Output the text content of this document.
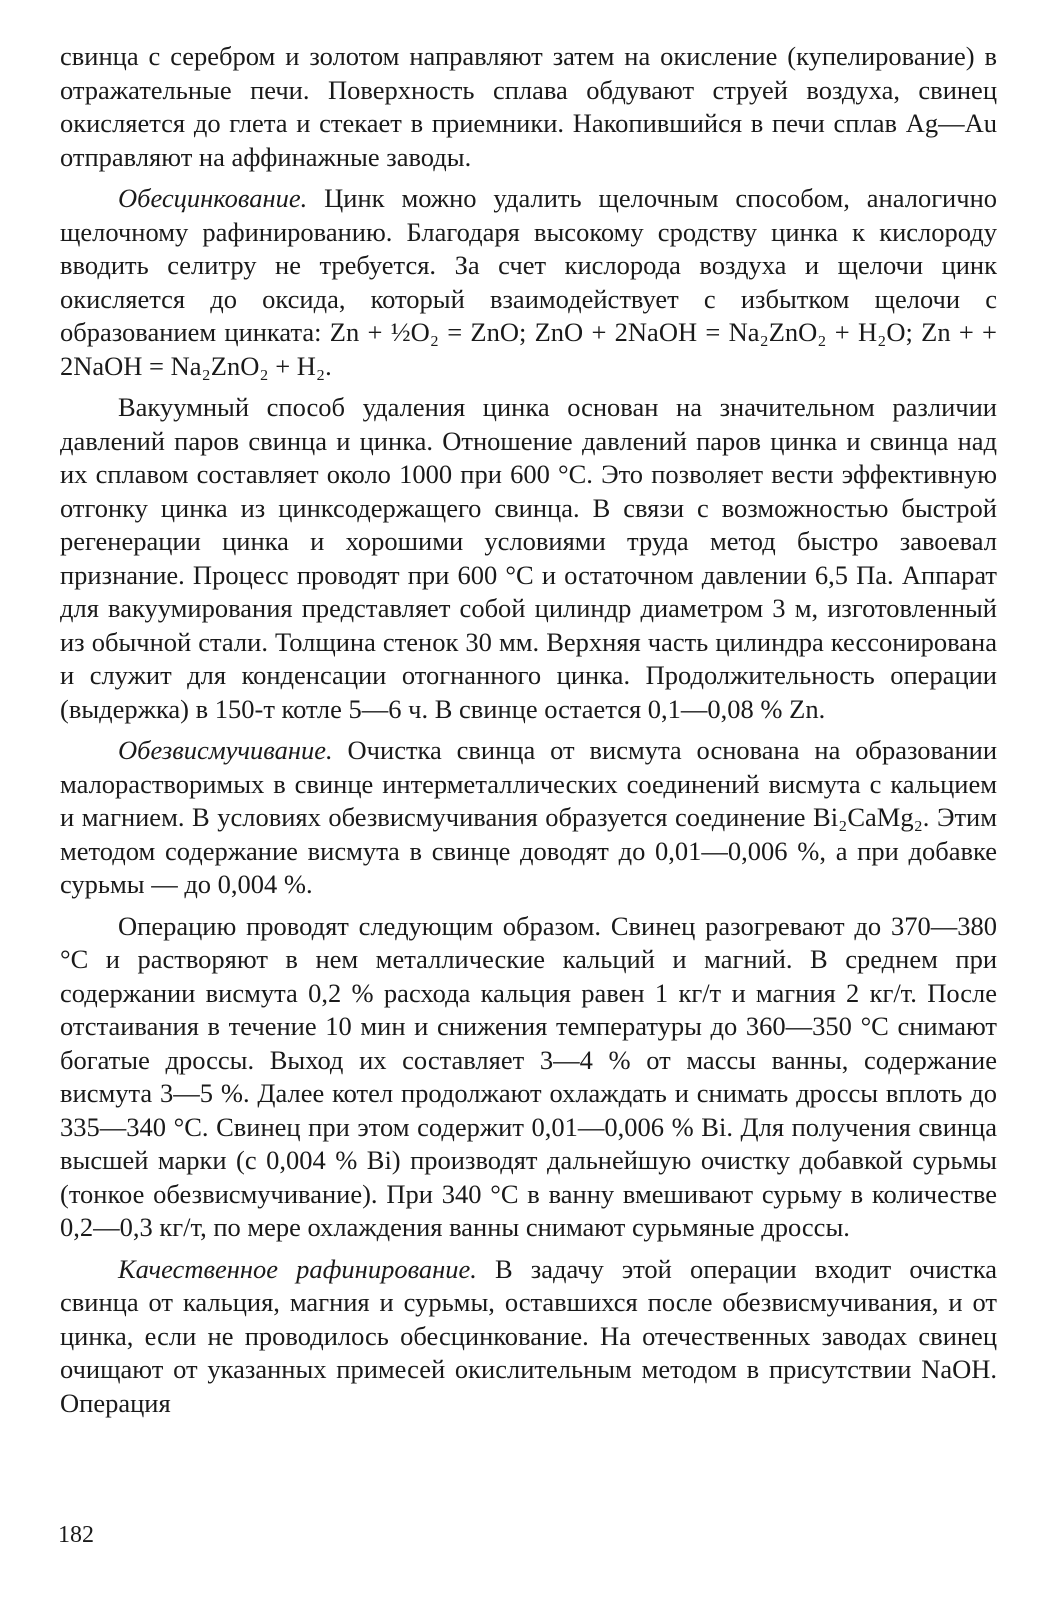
свинца с серебром и золотом направляют затем на окисление (купелирование) в отражательные печи. Поверхность сплава обдувают струей воздуха, свинец окисляется до глета и стекает в приемники. Накопившийся в печи сплав Ag—Au отправляют на аффинажные заводы.

Обесцинкование. Цинк можно удалить щелочным способом, аналогично щелочному рафинированию. Благодаря высокому сродству цинка к кислороду вводить селитру не требуется. За счет кислорода воздуха и щелочи цинк окисляется до оксида, который взаимодействует с избытком щелочи с образованием цинката: Zn + ½O₂ = ZnO; ZnO + 2NaOH = Na₂ZnO₂ + H₂O; Zn + + 2NaOH = Na₂ZnO₂ + H₂.

Вакуумный способ удаления цинка основан на значительном различии давлений паров свинца и цинка. Отношение давлений паров цинка и свинца над их сплавом составляет около 1000 при 600 °С. Это позволяет вести эффективную отгонку цинка из цинксодержащего свинца. В связи с возможностью быстрой регенерации цинка и хорошими условиями труда метод быстро завоевал признание. Процесс проводят при 600 °С и остаточном давлении 6,5 Па. Аппарат для вакуумирования представляет собой цилиндр диаметром 3 м, изготовленный из обычной стали. Толщина стенок 30 мм. Верхняя часть цилиндра кессонирована и служит для конденсации отогнанного цинка. Продолжительность операции (выдержка) в 150-т котле 5—6 ч. В свинце остается 0,1—0,08 % Zn.

Обезвисмучивание. Очистка свинца от висмута основана на образовании малорастворимых в свинце интерметаллических соединений висмута с кальцием и магнием. В условиях обезвисмучивания образуется соединение Bi₂CaMg₂. Этим методом содержание висмута в свинце доводят до 0,01—0,006 %, а при добавке сурьмы — до 0,004 %.

Операцию проводят следующим образом. Свинец разогревают до 370—380 °С и растворяют в нем металлические кальций и магний. В среднем при содержании висмута 0,2 % расхода кальция равен 1 кг/т и магния 2 кг/т. После отстаивания в течение 10 мин и снижения температуры до 360—350 °С снимают богатые дроссы. Выход их составляет 3—4 % от массы ванны, содержание висмута 3—5 %. Далее котел продолжают охлаждать и снимать дроссы вплоть до 335—340 °С. Свинец при этом содержит 0,01—0,006 % Bi. Для получения свинца высшей марки (с 0,004 % Bi) производят дальнейшую очистку добавкой сурьмы (тонкое обезвисмучивание). При 340 °С в ванну вмешивают сурьму в количестве 0,2—0,3 кг/т, по мере охлаждения ванны снимают сурьмяные дроссы.

Качественное рафинирование. В задачу этой операции входит очистка свинца от кальция, магния и сурьмы, оставшихся после обезвисмучивания, и от цинка, если не проводилось обесцинкование. На отечественных заводах свинец очищают от указанных примесей окислительным методом в присутствии NaOH. Операция

182
